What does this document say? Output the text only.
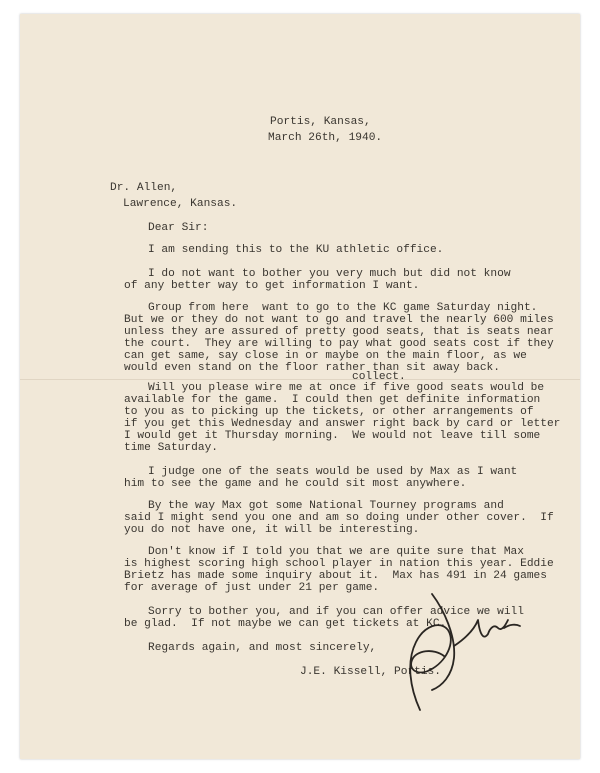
Portis, Kansas,
March 26th, 1940.
Dr. Allen,
Lawrence, Kansas.
Dear Sir:
I am sending this to the KU athletic office.
I do not want to bother you very much but did not know
of any better way to get information I want.
Group from here  want to go to the KC game Saturday night.
But we or they do not want to go and travel the nearly 600 miles
unless they are assured of pretty good seats, that is seats near
the court.  They are willing to pay what good seats cost if they
can get same, say close in or maybe on the main floor, as we
would even stand on the floor rather than sit away back.
collect.
Will you please wire me at once if five good seats would be
available for the game.  I could then get definite information
to you as to picking up the tickets, or other arrangements of
if you get this Wednesday and answer right back by card or letter
I would get it Thursday morning.  We would not leave till some
time Saturday.
I judge one of the seats would be used by Max as I want
him to see the game and he could sit most anywhere.
By the way Max got some National Tourney programs and
said I might send you one and am so doing under other cover.  If
you do not have one, it will be interesting.
Don't know if I told you that we are quite sure that Max
is highest scoring high school player in nation this year. Eddie
Brietz has made some inquiry about it.  Max has 491 in 24 games
for average of just under 21 per game.
Sorry to bother you, and if you can offer advice we will
be glad.  If not maybe we can get tickets at KC.
Regards again, and most sincerely,
J.E. Kissell, Portis.
